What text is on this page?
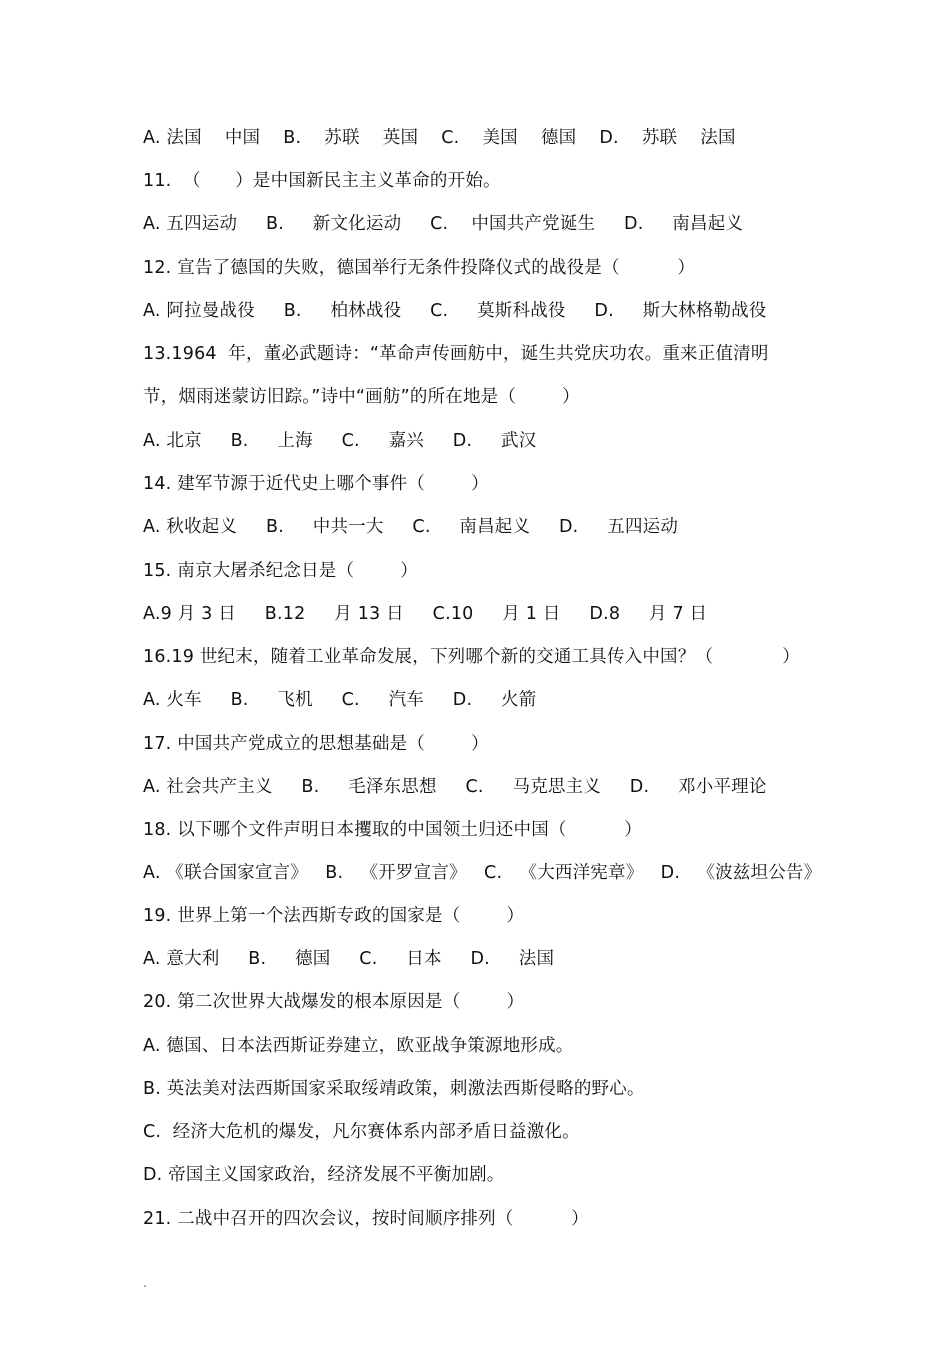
A. 法国    中国    B.    苏联    英国    C.    美国    德国    D.    苏联    法国
11.  （      ）是中国新民主主义革命的开始。
A. 五四运动     B.     新文化运动     C.    中国共产党诞生     D.     南昌起义
12. 宣告了德国的失败，德国举行无条件投降仪式的战役是（          ）
A. 阿拉曼战役     B.     柏林战役     C.     莫斯科战役     D.     斯大林格勒战役
13.1964  年，董必武题诗：“革命声传画舫中，诞生共党庆功农。重来正值清明
节，烟雨迷蒙访旧踪。”诗中“画舫”的所在地是（        ）
A. 北京     B.     上海     C.     嘉兴     D.     武汉
14. 建军节源于近代史上哪个事件（        ）
A. 秋收起义     B.     中共一大     C.     南昌起义     D.     五四运动
15. 南京大屠杀纪念日是（        ）
A.9 月 3 日     B.12     月 13 日     C.10     月 1 日     D.8     月 7 日
16.19 世纪末，随着工业革命发展，下列哪个新的交通工具传入中国？（            ）
A. 火车     B.     飞机     C.     汽车     D.     火箭
17. 中国共产党成立的思想基础是（        ）
A. 社会共产主义     B.     毛泽东思想     C.     马克思主义     D.     邓小平理论
18. 以下哪个文件声明日本攫取的中国领土归还中国（          ）
A. 《联合国家宣言》   B.   《开罗宣言》   C.   《大西洋宪章》   D.   《波兹坦公告》
19. 世界上第一个法西斯专政的国家是（        ）
A. 意大利     B.     德国     C.     日本     D.     法国
20. 第二次世界大战爆发的根本原因是（        ）
A. 德国、日本法西斯证券建立，欧亚战争策源地形成。
B. 英法美对法西斯国家采取绥靖政策，刺激法西斯侵略的野心。
C.  经济大危机的爆发，凡尔赛体系内部矛盾日益激化。
D. 帝国主义国家政治，经济发展不平衡加剧。
21. 二战中召开的四次会议，按时间顺序排列（          ）
.
